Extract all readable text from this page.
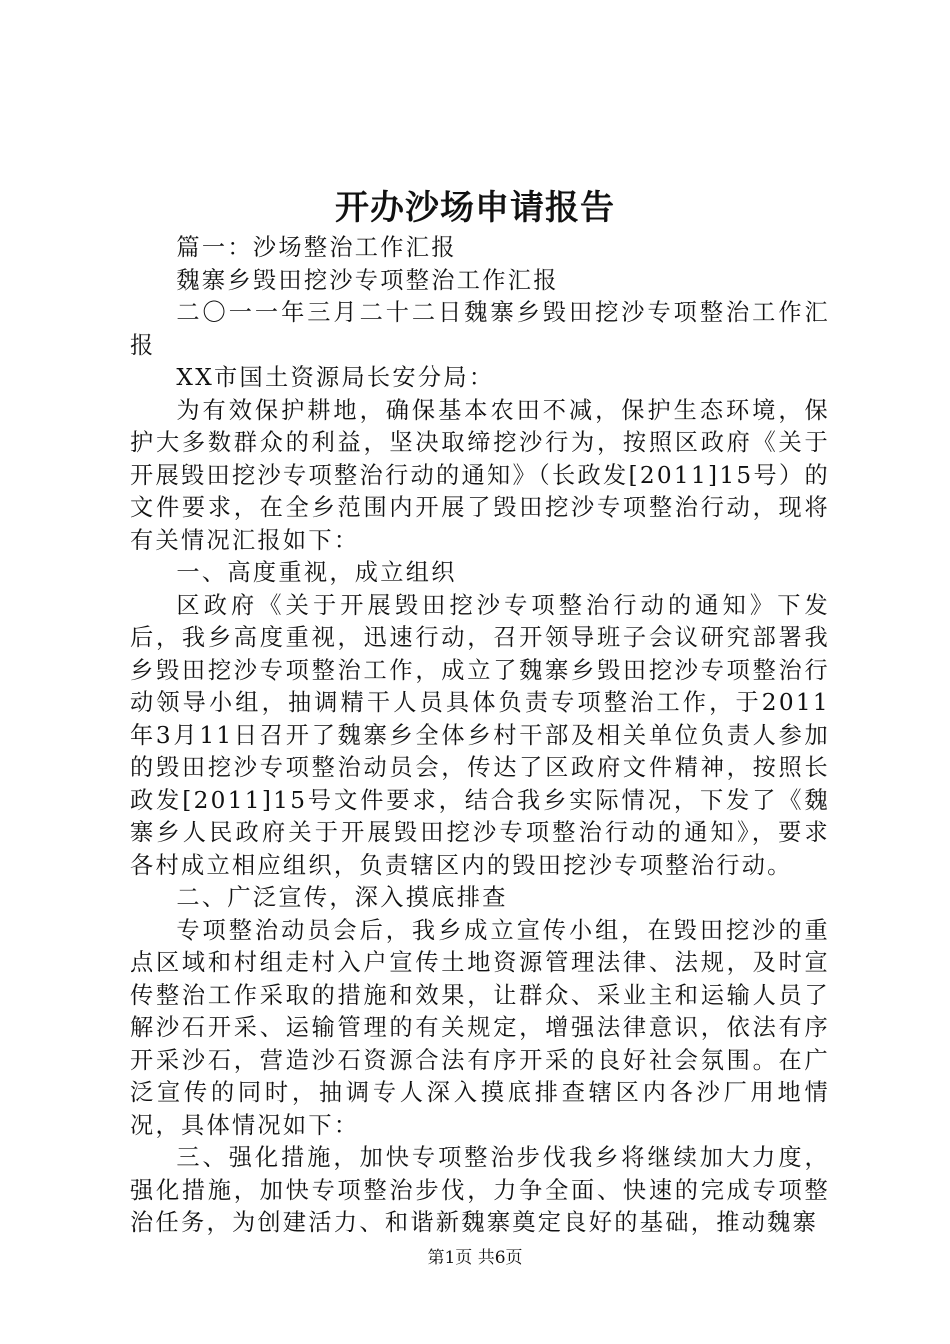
开办沙场申请报告

篇一：沙场整治工作汇报

魏寨乡毁田挖沙专项整治工作汇报

二〇一一年三月二十二日魏寨乡毁田挖沙专项整治工作汇报

XX市国土资源局长安分局：

为有效保护耕地，确保基本农田不减，保护生态环境，保护大多数群众的利益，坚决取缔挖沙行为，按照区政府《关于开展毁田挖沙专项整治行动的通知》（长政发[2011]15号）的文件要求，在全乡范围内开展了毁田挖沙专项整治行动，现将有关情况汇报如下：

一、高度重视，成立组织

区政府《关于开展毁田挖沙专项整治行动的通知》下发后，我乡高度重视，迅速行动，召开领导班子会议研究部署我乡毁田挖沙专项整治工作，成立了魏寨乡毁田挖沙专项整治行动领导小组，抽调精干人员具体负责专项整治工作，于2011年3月11日召开了魏寨乡全体乡村干部及相关单位负责人参加的毁田挖沙专项整治动员会，传达了区政府文件精神，按照长政发[2011]15号文件要求，结合我乡实际情况，下发了《魏寨乡人民政府关于开展毁田挖沙专项整治行动的通知》，要求各村成立相应组织，负责辖区内的毁田挖沙专项整治行动。

二、广泛宣传，深入摸底排查

专项整治动员会后，我乡成立宣传小组，在毁田挖沙的重点区域和村组走村入户宣传土地资源管理法律、法规，及时宣传整治工作采取的措施和效果，让群众、采业主和运输人员了解沙石开采、运输管理的有关规定，增强法律意识，依法有序开采沙石，营造沙石资源合法有序开采的良好社会氛围。在广泛宣传的同时，抽调专人深入摸底排查辖区内各沙厂用地情况，具体情况如下：

三、强化措施，加快专项整治步伐我乡将继续加大力度，强化措施，加快专项整治步伐，力争全面、快速的完成专项整治任务，为创建活力、和谐新魏寨奠定良好的基础，推动魏寨

第1页 共6页
